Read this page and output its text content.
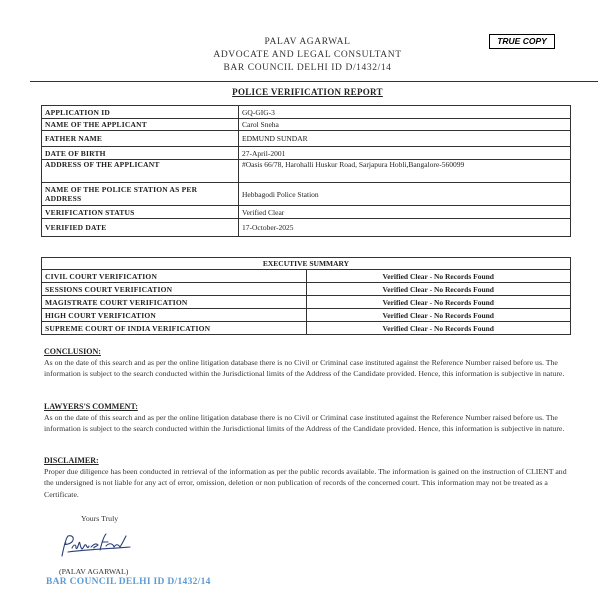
PALAV AGARWAL
ADVOCATE AND LEGAL CONSULTANT
BAR COUNCIL DELHI ID D/1432/14
TRUE COPY
POLICE VERIFICATION REPORT
APPLICATION ID	GQ-GIG-3
NAME OF THE APPLICANT	Carol Sneha
FATHER NAME	EDMUND SUNDAR
DATE OF BIRTH	27-April-2001
ADDRESS OF THE APPLICANT	#Oasis 66/78, Harohalli Huskur Road, Sarjapura Hobli,Bangalore-560099
NAME OF THE POLICE STATION AS PER ADDRESS	Hebbagodi Police Station
VERIFICATION STATUS	Verified Clear
VERIFIED DATE	17-October-2025
EXECUTIVE SUMMARY	
CIVIL COURT VERIFICATION	Verified Clear - No Records Found
SESSIONS COURT VERIFICATION	Verified Clear - No Records Found
MAGISTRATE COURT VERIFICATION	Verified Clear - No Records Found
HIGH COURT VERIFICATION	Verified Clear - No Records Found
SUPREME COURT OF INDIA VERIFICATION	Verified Clear - No Records Found
CONCLUSION:
As on the date of this search and as per the online litigation database there is no Civil or Criminal case instituted against the Reference Number raised before us. The information is subject to the search conducted within the Jurisdictional limits of the Address of the Candidate provided. Hence, this information is subjective in nature.
LAWYERS'S COMMENT:
As on the date of this search and as per the online litigation database there is no Civil or Criminal case instituted against the Reference Number raised before us. The information is subject to the search conducted within the Jurisdictional limits of the Address of the Candidate provided. Hence, this information is subjective in nature.
DISCLAIMER:
Proper due diligence has been conducted in retrieval of the information as per the public records available. The information is gained on the instruction of CLIENT and the undersigned is not liable for any act of error, omission, deletion or non publication of records of the concerned court. This information may not be treated as a Certificate.
Yours Truly
(PALAV AGARWAL)
BAR COUNCIL DELHI ID D/1432/14
